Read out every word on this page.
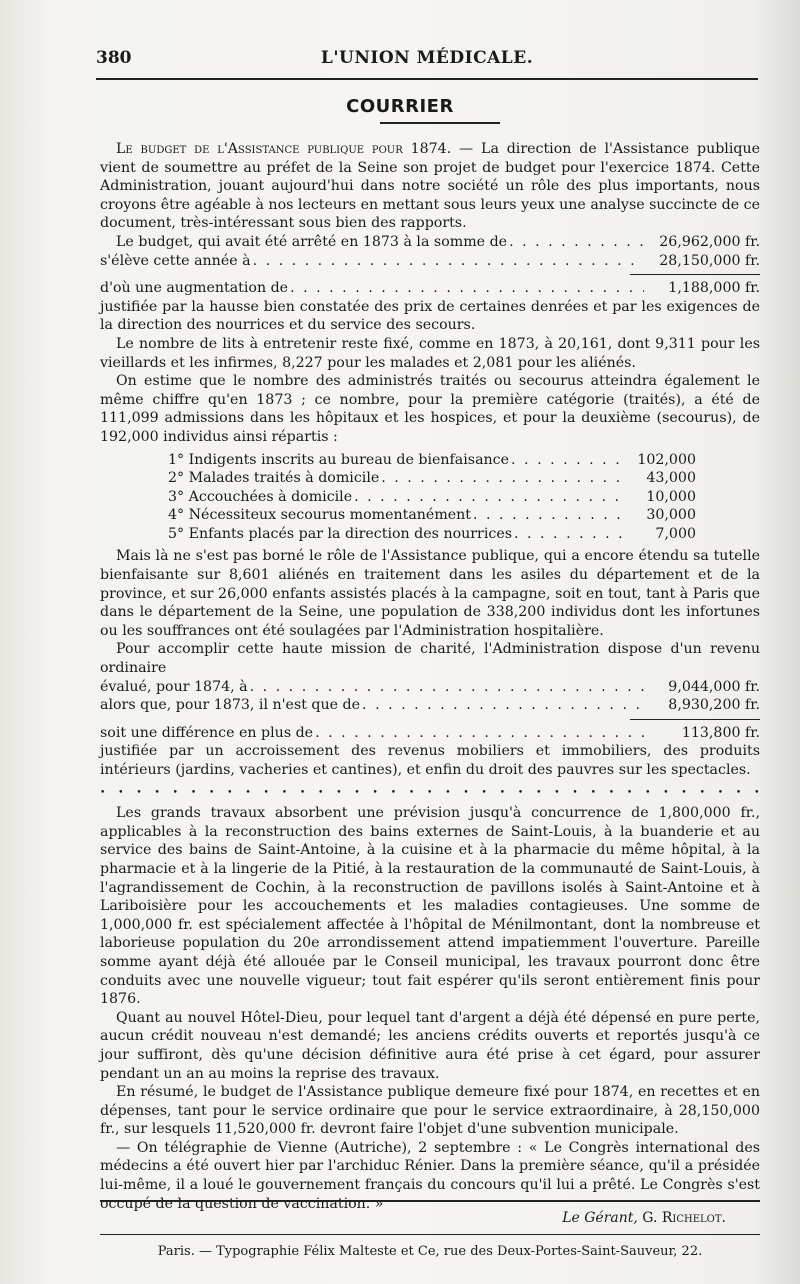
380	L'UNION MÉDICALE.
COURRIER

Le budget de l'Assistance publique pour 1874. — La direction de l'Assistance publique vient de soumettre au préfet de la Seine son projet de budget pour l'exercice 1874. Cette Administration, jouant aujourd'hui dans notre société un rôle des plus importants, nous croyons être agéable à nos lecteurs en mettant sous leurs yeux une analyse succincte de ce document, très-intéressant sous bien des rapports.

Le budget, qui avait été arrêté en 1873 à la somme de . . .	26,962,000 fr.
s'élève cette année à . . .	28,150,000 fr.
d'où une augmentation de . . .	1,188,000 fr.

justifiée par la hausse bien constatée des prix de certaines denrées et par les exigences de la direction des nourrices et du service des secours.

Le nombre de lits à entretenir reste fixé, comme en 1873, à 20,161, dont 9,311 pour les vieillards et les infirmes, 8,227 pour les malades et 2,081 pour les aliénés.

On estime que le nombre des administrés traités ou secourus atteindra également le même chiffre qu'en 1873 ; ce nombre, pour la première catégorie (traités), a été de 111,099 admissions dans les hôpitaux et les hospices, et pour la deuxième (secourus), de 192,000 individus ainsi répartis :

1° Indigents inscrits au bureau de bienfaisance . . .	102,000
2° Malades traités à domicile . . .	43,000
3° Accouchées à domicile . . .	10,000
4° Nécessiteux secourus momentanément . . .	30,000
5° Enfants placés par la direction des nourrices . . .	7,000

Mais là ne s'est pas borné le rôle de l'Assistance publique, qui a encore étendu sa tutelle bienfaisante sur 8,601 aliénés en traitement dans les asiles du département et de la province, et sur 26,000 enfants assistés placés à la campagne, soit en tout, tant à Paris que dans le département de la Seine, une population de 338,200 individus dont les infortunes ou les souffrances ont été soulagées par l'Administration hospitalière.

Pour accomplir cette haute mission de charité, l'Administration dispose d'un revenu ordinaire

évalué, pour 1874, à . . .	9,044,000 fr.
alors que, pour 1873, il n'est que de . . .	8,930,200 fr.
soit une différence en plus de . . .	113,800 fr.

justifiée par un accroissement des revenus mobiliers et immobiliers, des produits intérieurs (jardins, vacheries et cantines), et enfin du droit des pauvres sur les spectacles.

• • •

Les grands travaux absorbent une prévision jusqu'à concurrence de 1,800,000 fr., applicables à la reconstruction des bains externes de Saint-Louis, à la buanderie et au service des bains de Saint-Antoine, à la cuisine et à la pharmacie du même hôpital, à la pharmacie et à la lingerie de la Pitié, à la restauration de la communauté de Saint-Louis, à l'agrandissement de Cochin, à la reconstruction de pavillons isolés à Saint-Antoine et à Lariboisière pour les accouchements et les maladies contagieuses. Une somme de 1,000,000 fr. est spécialement affectée à l'hôpital de Ménilmontant, dont la nombreuse et laborieuse population du 20e arrondissement attend impatiemment l'ouverture. Pareille somme ayant déjà été allouée par le Conseil municipal, les travaux pourront donc être conduits avec une nouvelle vigueur; tout fait espérer qu'ils seront entièrement finis pour 1876.

Quant au nouvel Hôtel-Dieu, pour lequel tant d'argent a déjà été dépensé en pure perte, aucun crédit nouveau n'est demandé; les anciens crédits ouverts et reportés jusqu'à ce jour suffiront, dès qu'une décision définitive aura été prise à cet égard, pour assurer pendant un an au moins la reprise des travaux.

En résumé, le budget de l'Assistance publique demeure fixé pour 1874, en recettes et en dépenses, tant pour le service ordinaire que pour le service extraordinaire, à 28,150,000 fr., sur lesquels 11,520,000 fr. devront faire l'objet d'une subvention municipale.

— On télégraphie de Vienne (Autriche), 2 septembre : « Le Congrès international des médecins a été ouvert hier par l'archiduc Rénier. Dans la première séance, qu'il a présidée lui-même, il a loué le gouvernement français du concours qu'il lui a prêté. Le Congrès s'est occupé de la question de vaccination. »

Le Gérant, G. Richelot.
Paris. — Typographie Félix Malteste et Ce, rue des Deux-Portes-Saint-Sauveur, 22.
